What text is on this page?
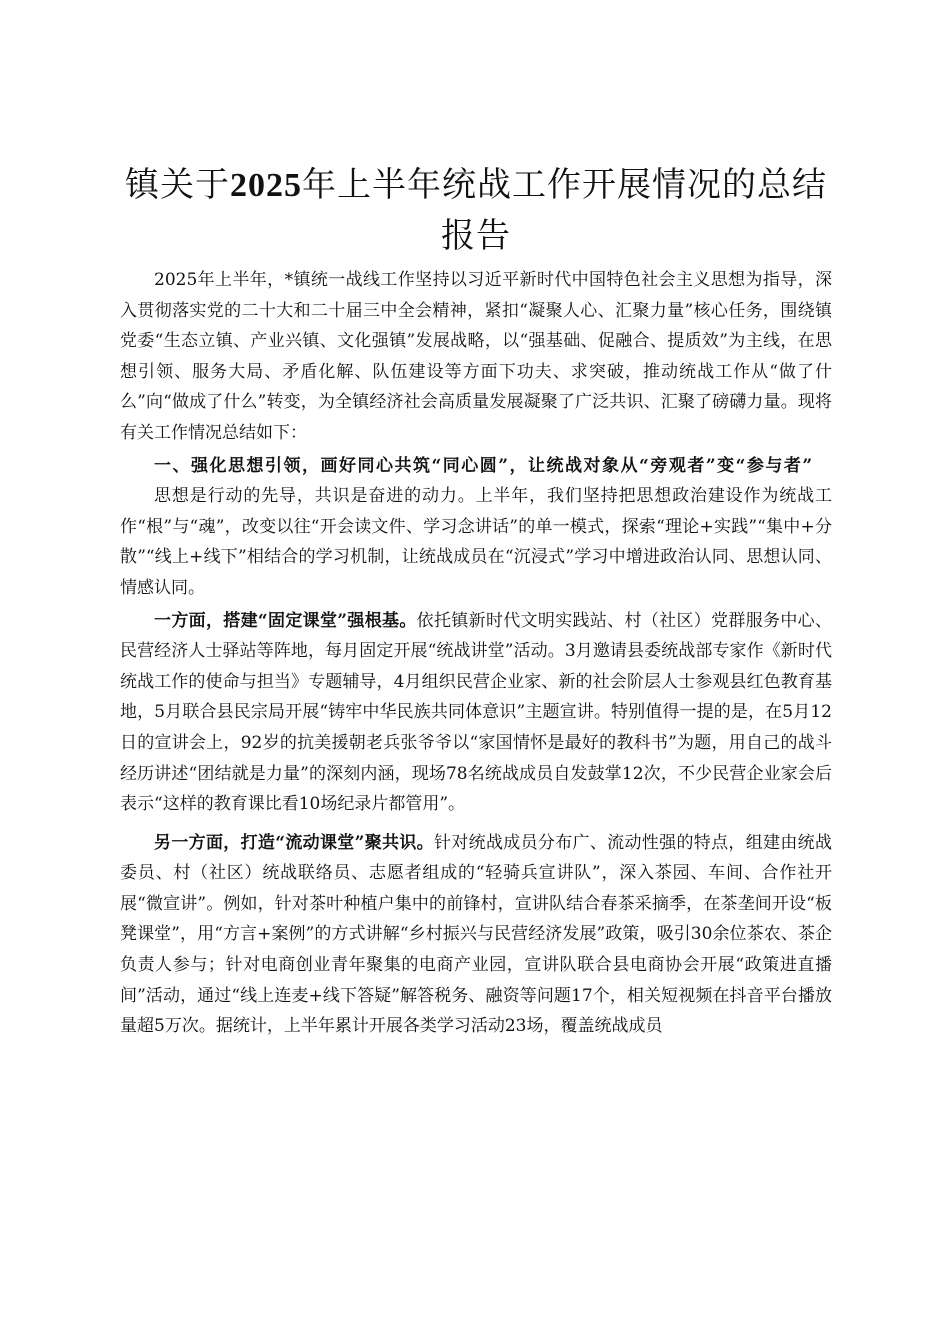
镇关于2025年上半年统战工作开展情况的总结报告

2025年上半年，*镇统一战线工作坚持以习近平新时代中国特色社会主义思想为指导，深入贯彻落实党的二十大和二十届三中全会精神，紧扣“凝聚人心、汇聚力量”核心任务，围绕镇党委“生态立镇、产业兴镇、文化强镇”发展战略，以“强基础、促融合、提质效”为主线，在思想引领、服务大局、矛盾化解、队伍建设等方面下功夫、求突破，推动统战工作从“做了什么”向“做成了什么”转变，为全镇经济社会高质量发展凝聚了广泛共识、汇聚了磅礴力量。现将有关工作情况总结如下：

一、强化思想引领，画好同心共筑“同心圆”，让统战对象从“旁观者”变“参与者”

思想是行动的先导，共识是奋进的动力。上半年，我们坚持把思想政治建设作为统战工作“根”与“魂”，改变以往“开会读文件、学习念讲话”的单一模式，探索“理论+实践”“集中+分散”“线上+线下”相结合的学习机制，让统战成员在“沉浸式”学习中增进政治认同、思想认同、情感认同。

一方面，搭建“固定课堂”强根基。依托镇新时代文明实践站、村（社区）党群服务中心、民营经济人士驿站等阵地，每月固定开展“统战讲堂”活动。3月邀请县委统战部专家作《新时代统战工作的使命与担当》专题辅导，4月组织民营企业家、新的社会阶层人士参观县红色教育基地，5月联合县民宗局开展“铸牢中华民族共同体意识”主题宣讲。特别值得一提的是，在5月12日的宣讲会上，92岁的抗美援朝老兵张爷爷以“家国情怀是最好的教科书”为题，用自己的战斗经历讲述“团结就是力量”的深刻内涵，现场78名统战成员自发鼓掌12次，不少民营企业家会后表示“这样的教育课比看10场纪录片都管用”。

另一方面，打造“流动课堂”聚共识。针对统战成员分布广、流动性强的特点，组建由统战委员、村（社区）统战联络员、志愿者组成的“轻骑兵宣讲队”，深入茶园、车间、合作社开展“微宣讲”。例如，针对茶叶种植户集中的前锋村，宣讲队结合春茶采摘季，在茶垄间开设“板凳课堂”，用“方言+案例”的方式讲解“乡村振兴与民营经济发展”政策，吸引30余位茶农、茶企负责人参与；针对电商创业青年聚集的电商产业园，宣讲队联合县电商协会开展“政策进直播间”活动，通过“线上连麦+线下答疑”解答税务、融资等问题17个，相关短视频在抖音平台播放量超5万次。据统计，上半年累计开展各类学习活动23场，覆盖统战成员
